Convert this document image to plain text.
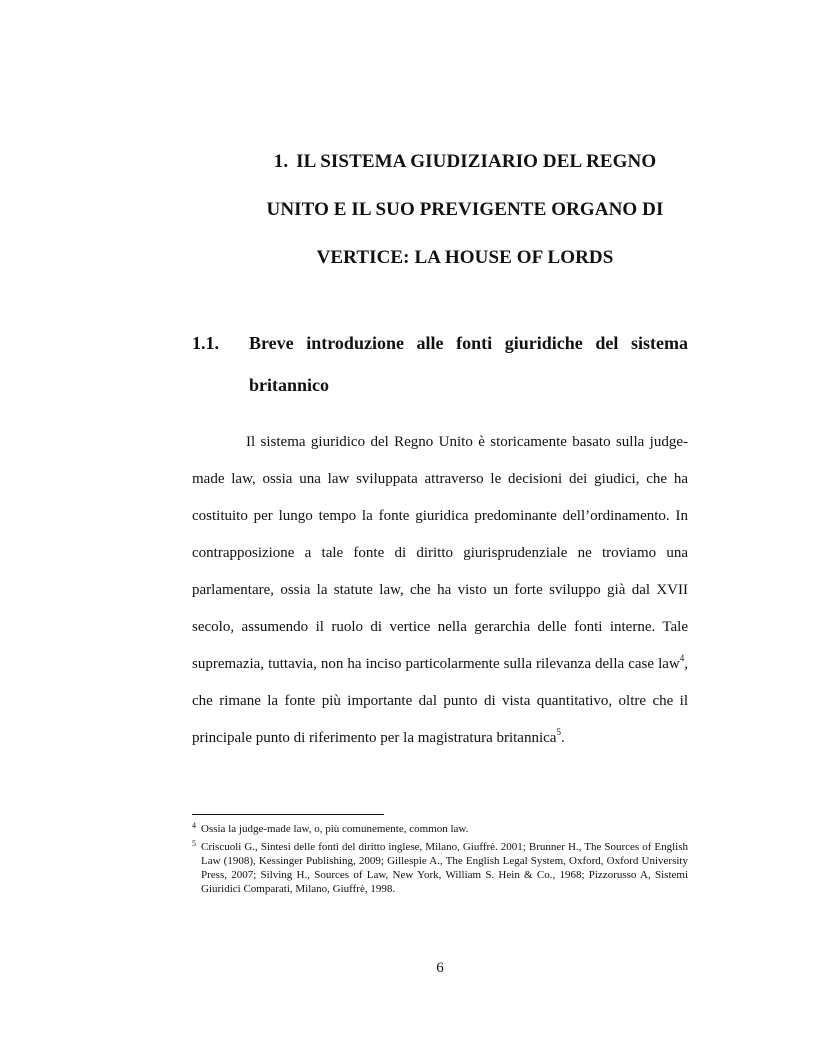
1. IL SISTEMA GIUDIZIARIO DEL REGNO
UNITO E IL SUO PREVIGENTE ORGANO DI
VERTICE: LA HOUSE OF LORDS
1.1. Breve introduzione alle fonti giuridiche del sistema
britannico

Il sistema giuridico del Regno Unito è storicamente basato sulla judge-made law, ossia una law sviluppata attraverso le decisioni dei giudici, che ha costituito per lungo tempo la fonte giuridica predominante dell’ordinamento. In contrapposizione a tale fonte di diritto giurisprudenziale ne troviamo una parlamentare, ossia la statute law, che ha visto un forte sviluppo già dal XVII secolo, assumendo il ruolo di vertice nella gerarchia delle fonti interne. Tale supremazia, tuttavia, non ha inciso particolarmente sulla rilevanza della case law$^4$, che rimane la fonte più importante dal punto di vista quantitativo, oltre che il principale punto di riferimento per la magistratura britannica$^5$.

4 Ossia la judge-made law, o, più comunemente, common law.
5 Criscuoli G., Sintesi delle fonti del diritto inglese, Milano, Giuffrè. 2001; Brunner H., The Sources of English Law (1908), Kessinger Publishing, 2009; Gillespie A., The English Legal System, Oxford, Oxford University Press, 2007; Silving H., Sources of Law, New York, William S. Hein & Co., 1968; Pizzorusso A, Sistemi Giuridici Comparati, Milano, Giuffrè, 1998.
6
